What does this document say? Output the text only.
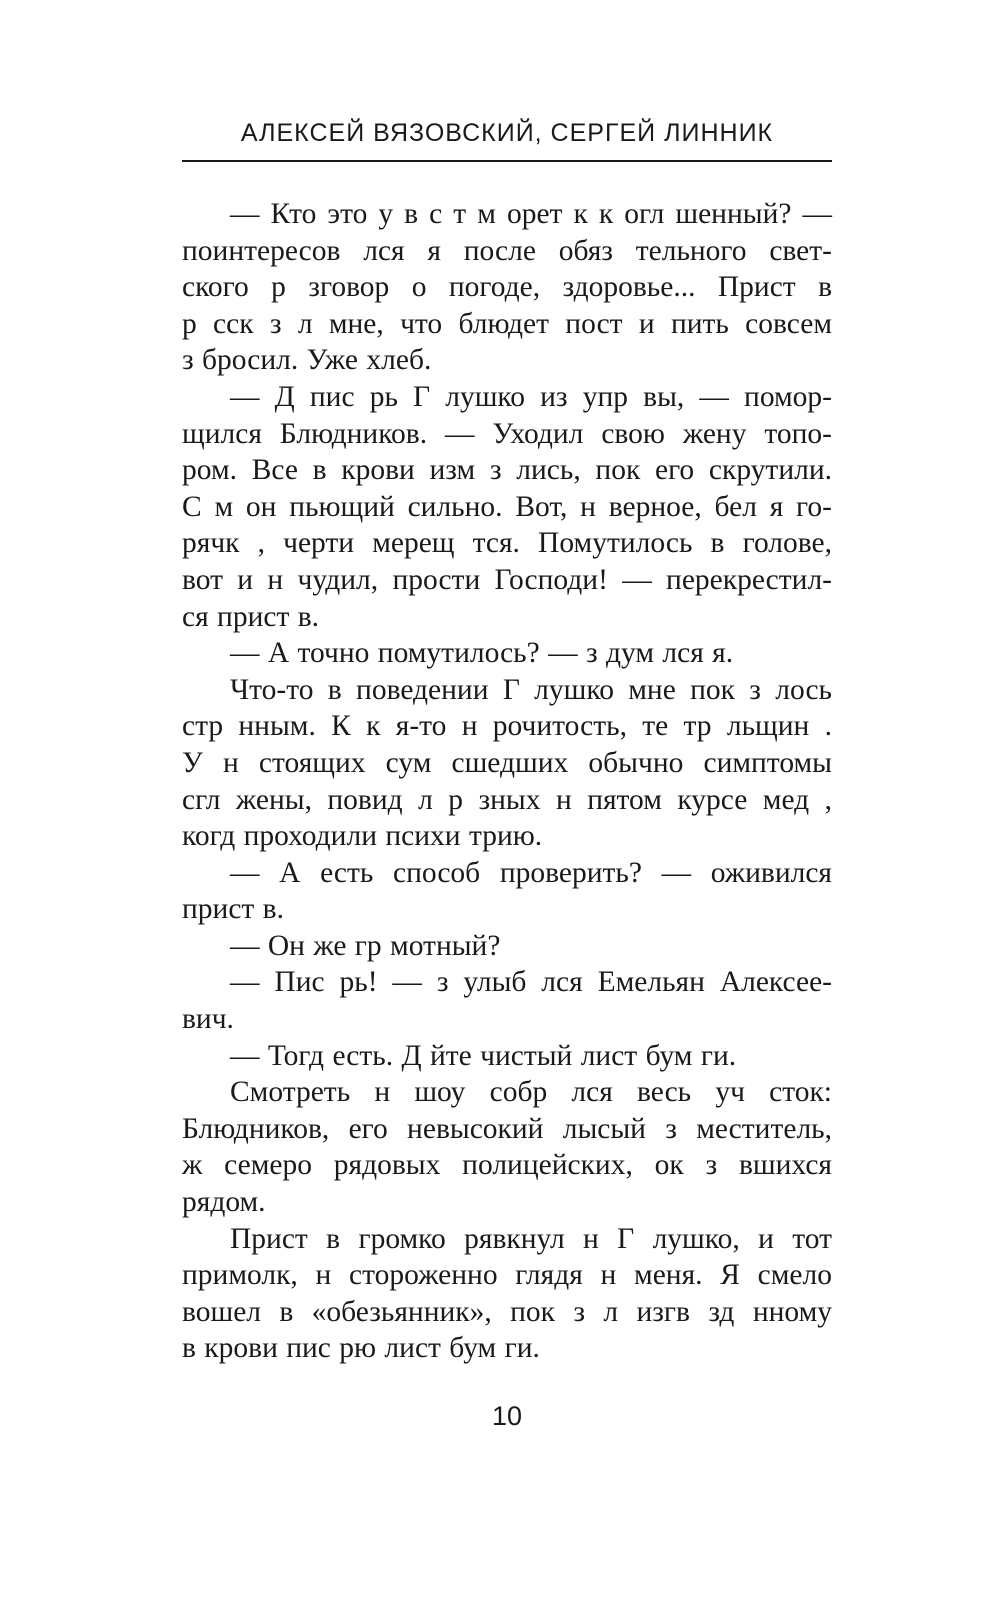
АЛЕКСЕЙ ВЯЗОВСКИЙ, СЕРГЕЙ ЛИННИК
— Кто это у в с т м орет к к огл шенный? —
поинтересов лся я после обяз тельного свет-
ского р зговор о погоде, здоровье... Прист в
р сск з л мне, что блюдет пост и пить совсем
з бросил. Уже хлеб.
— Д пис рь Г лушко из упр вы, — помор-
щился Блюдников. — Уходил свою жену топо-
ром. Все в крови изм з лись, пок его скрутили.
С м он пьющий сильно. Вот, н верное, бел я го-
рячк , черти мерещ тся. Помутилось в голове,
вот и н чудил, прости Господи! — перекрестил-
ся прист в.
— А точно помутилось? — з дум лся я.
Что-то в поведении Г лушко мне пок з лось
стр нным. К к я-то н рочитость, те тр льщин .
У н стоящих сум сшедших обычно симптомы
сгл жены, повид л р зных н пятом курсе мед ,
когд проходили психи трию.
— А есть способ проверить? — оживился
прист в.
— Он же гр мотный?
— Пис рь! — з улыб лся Емельян Алексее-
вич.
— Тогд есть. Д йте чистый лист бум ги.
Смотреть н шоу собр лся весь уч сток:
Блюдников, его невысокий лысый з меститель,
ж семеро рядовых полицейских, ок з вшихся
рядом.
Прист в громко рявкнул н Г лушко, и тот
примолк, н стороженно глядя н меня. Я смело
вошел в «обезьянник», пок з л изгв зд нному
в крови пис рю лист бум ги.
10
